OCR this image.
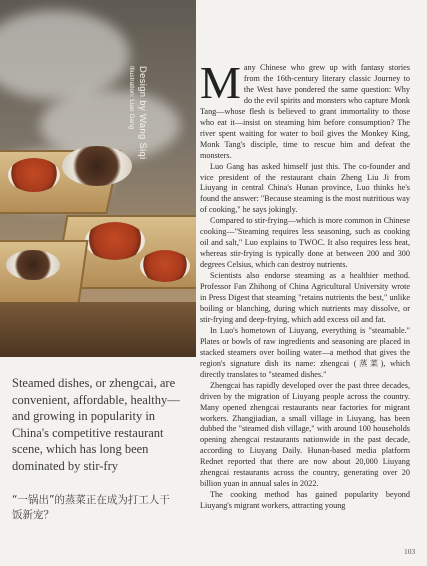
Design by Wang Siqi
Illustration: Liao Gang
Steamed dishes, or zhengcai, are convenient, affordable, healthy—and growing in popularity in China's competitive restaurant scene, which has long been dominated by stir-fry
“一锅出”的蒸菜正在成为打工人干饭新宠？

Many Chinese who grew up with fantasy stories from the 16th-century literary classic Journey to the West have pondered the same question: Why do the evil spirits and monsters who capture Monk Tang—whose flesh is believed to grant immortality to those who eat it—insist on steaming him before consumption? The river spent waiting for water to boil gives the Monkey King, Monk Tang's disciple, time to rescue him and defeat the monsters.

Luo Gang has asked himself just this. The co-founder and vice president of the restaurant chain Zheng Liu Ji from Liuyang in central China's Hunan province, Luo thinks he's found the answer: "Because steaming is the most nutritious way of cooking," he says jokingly.

Compared to stir-frying—which is more common in Chinese cooking—"Steaming requires less seasoning, such as cooking oil and salt," Luo explains to TWOC. It also requires less heat, whereas stir-frying is typically done at between 200 and 300 degrees Celsius, which can destroy nutrients.

Scientists also endorse steaming as a healthier method. Professor Fan Zhihong of China Agricultural University wrote in Press Digest that steaming "retains nutrients the best," unlike boiling or blanching, during which nutrients may dissolve, or stir-frying and deep-frying, which add excess oil and fat.

In Luo's hometown of Liuyang, everything is "steamable." Plates or bowls of raw ingredients and seasoning are placed in stacked steamers over boiling water—a method that gives the region's signature dish its name: zhengcai (蒸菜), which directly translates to "steamed dishes."

Zhengcai has rapidly developed over the past three decades, driven by the migration of Liuyang people across the country. Many opened zhengcai restaurants near factories for migrant workers. Zhangjiadian, a small village in Liuyang, has been dubbed the "steamed dish village," with around 100 households opening zhengcai restaurants nationwide in the past decade, according to Liuyang Daily. Hunan-based media platform Rednet reported that there are now about 20,000 Liuyang zhengcai restaurants across the country, generating over 20 billion yuan in annual sales in 2022.

The cooking method has gained popularity beyond Liuyang's migrant workers, attracting young

103
